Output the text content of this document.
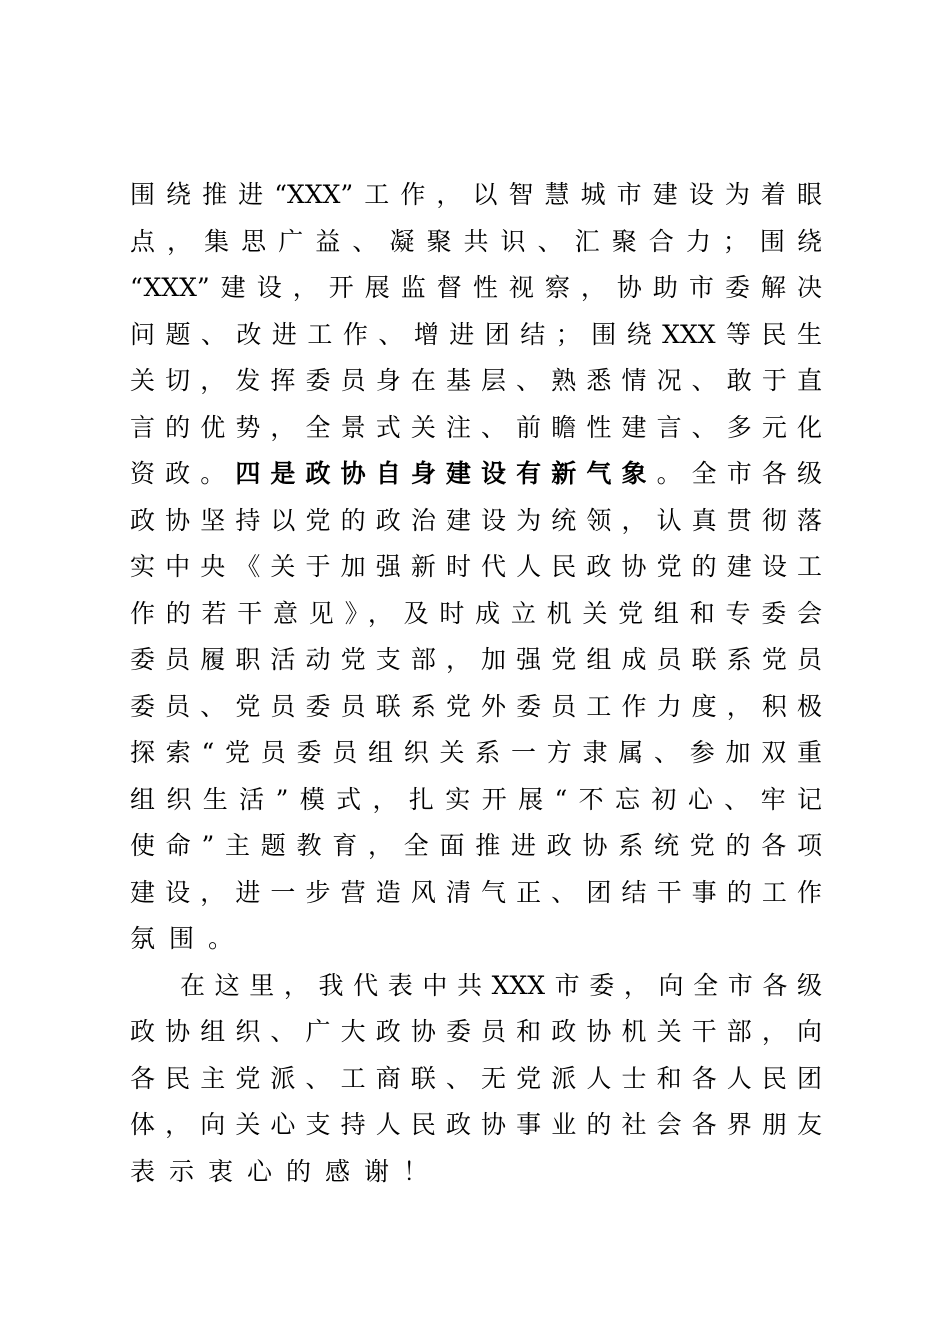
围绕推进“XXX”工作，以智慧城市建设为着眼
点，集思广益、凝聚共识、汇聚合力；围绕
“XXX”建设，开展监督性视察，协助市委解决
问题、改进工作、增进团结；围绕XXX等民生
关切，发挥委员身在基层、熟悉情况、敢于直
言的优势，全景式关注、前瞻性建言、多元化
资政。四是政协自身建设有新气象。全市各级
政协坚持以党的政治建设为统领，认真贯彻落
实中央《关于加强新时代人民政协党的建设工
作的若干意见》，及时成立机关党组和专委会
委员履职活动党支部，加强党组成员联系党员
委员、党员委员联系党外委员工作力度，积极
探索“党员委员组织关系一方隶属、参加双重
组织生活”模式，扎实开展“不忘初心、牢记
使命”主题教育，全面推进政协系统党的各项
建设，进一步营造风清气正、团结干事的工作
氛围。
在这里，我代表中共XXX市委，向全市各级
政协组织、广大政协委员和政协机关干部，向
各民主党派、工商联、无党派人士和各人民团
体，向关心支持人民政协事业的社会各界朋友
表示衷心的感谢！
